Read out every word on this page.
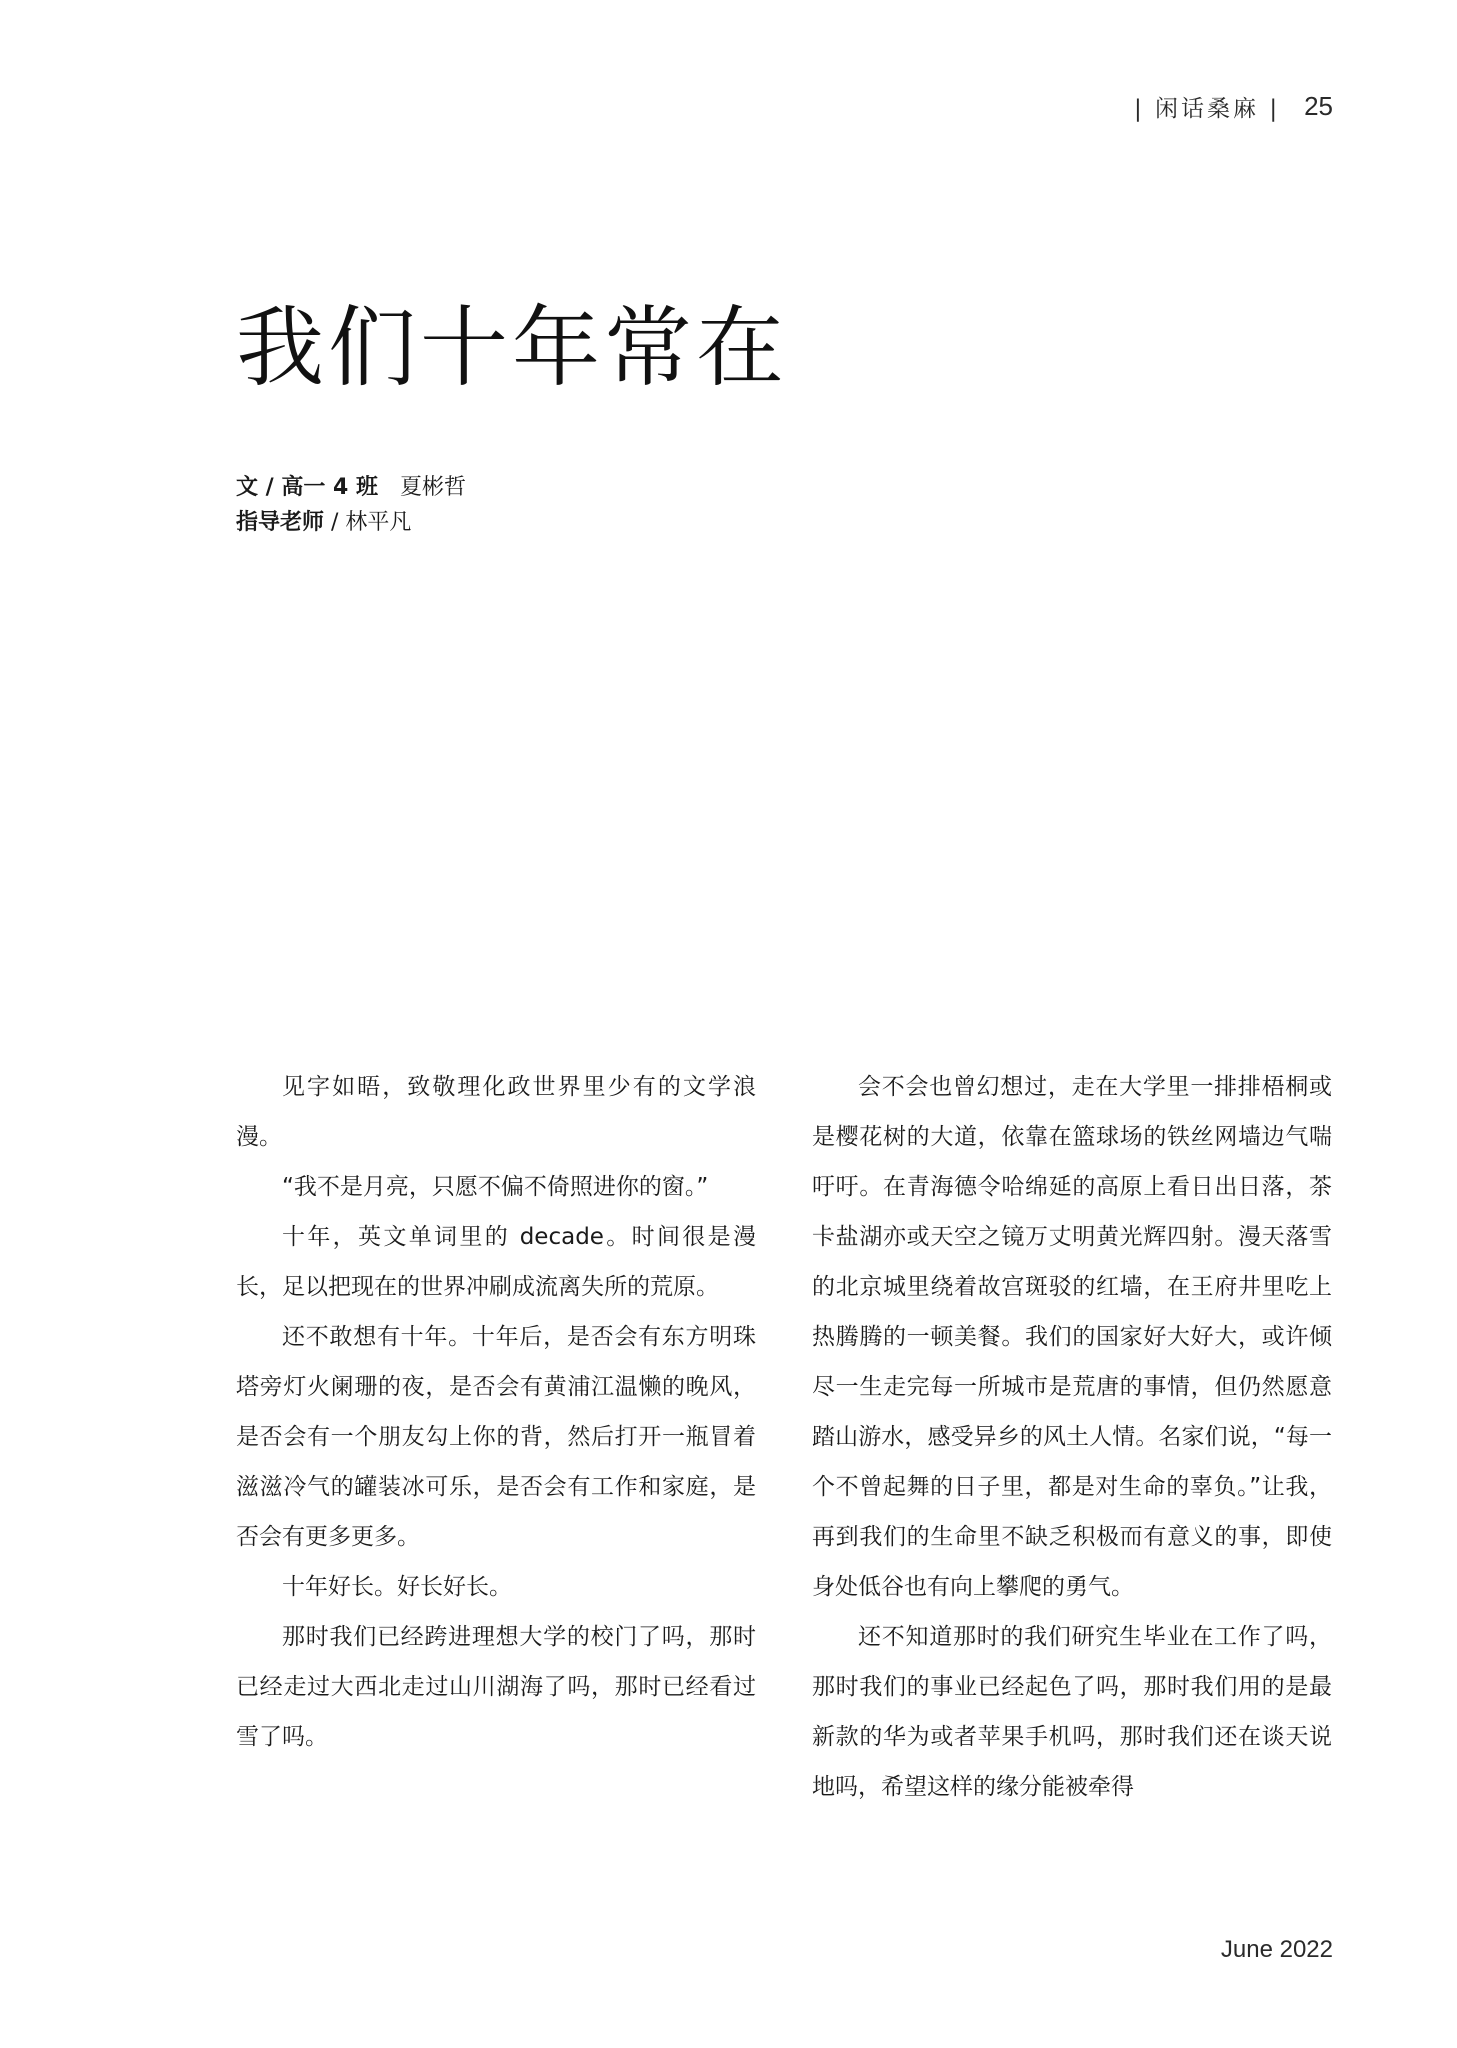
| 闲话桑麻 | 25
我们十年常在
文 / 高一 4 班 夏彬哲
指导老师 / 林平凡

见字如晤，致敬理化政世界里少有的文学浪漫。

“我不是月亮，只愿不偏不倚照进你的窗。”

十年，英文单词里的 decade。时间很是漫长，足以把现在的世界冲刷成流离失所的荒原。

还不敢想有十年。十年后，是否会有东方明珠塔旁灯火阑珊的夜，是否会有黄浦江温懒的晚风，是否会有一个朋友勾上你的背，然后打开一瓶冒着滋滋冷气的罐装冰可乐，是否会有工作和家庭，是否会有更多更多。

十年好长。好长好长。

那时我们已经跨进理想大学的校门了吗，那时已经走过大西北走过山川湖海了吗，那时已经看过雪了吗。

会不会也曾幻想过，走在大学里一排排梧桐或是樱花树的大道，依靠在篮球场的铁丝网墙边气喘吁吁。在青海德令哈绵延的高原上看日出日落，茶卡盐湖亦或天空之镜万丈明黄光辉四射。漫天落雪的北京城里绕着故宫斑驳的红墙，在王府井里吃上热腾腾的一顿美餐。我们的国家好大好大，或许倾尽一生走完每一所城市是荒唐的事情，但仍然愿意踏山游水，感受异乡的风土人情。名家们说，“每一个不曾起舞的日子里，都是对生命的辜负。”让我，再到我们的生命里不缺乏积极而有意义的事，即使身处低谷也有向上攀爬的勇气。

还不知道那时的我们研究生毕业在工作了吗，那时我们的事业已经起色了吗，那时我们用的是最新款的华为或者苹果手机吗，那时我们还在谈天说地吗，希望这样的缘分能被牵得

June 2022
